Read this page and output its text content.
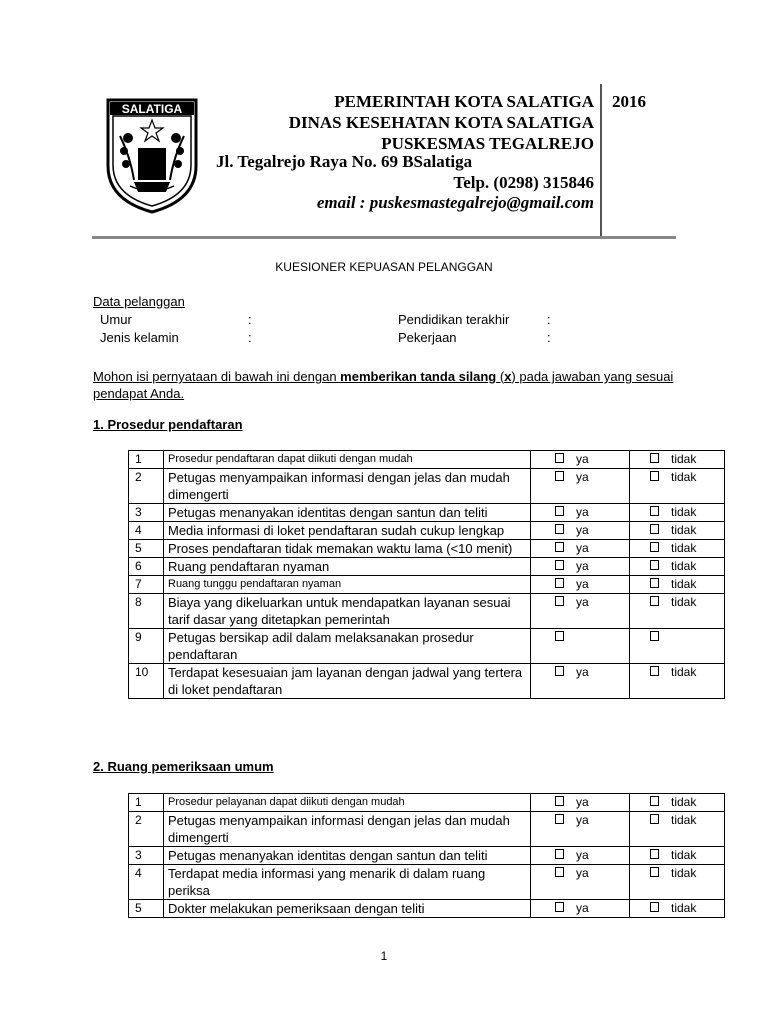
SALATIGA	PEMERINTAH KOTA SALATIGA
DINAS KESEHATAN KOTA SALATIGA
PUSKESMAS TEGALREJO
Jl. Tegalrejo Raya No. 69 BSalatiga
Telp. (0298) 315846
email : puskesmastegalrejo@gmail.com
2016
KUESIONER KEPUASAN PELANGGAN
Data pelanggan
Umur	:
Jenis kelamin	:
Pendidikan terakhir	:
Pekerjaan	:
Mohon isi pernyataan di bawah ini dengan memberikan tanda silang (x) pada jawaban yang sesuai pendapat Anda.
1. Prosedur pendaftaran
1	Prosedur pendaftaran dapat diikuti dengan mudah	ya	tidak
2	Petugas menyampaikan informasi dengan jelas dan mudah dimengerti	ya	tidak
3	Petugas menanyakan identitas dengan santun dan teliti	ya	tidak
4	Media informasi di loket pendaftaran sudah cukup lengkap	ya	tidak
5	Proses pendaftaran tidak memakan waktu lama (<10 menit)	ya	tidak
6	Ruang pendaftaran nyaman	ya	tidak
7	Ruang tunggu pendaftaran nyaman	ya	tidak
8	Biaya yang dikeluarkan untuk mendapatkan layanan sesuai tarif dasar yang ditetapkan pemerintah	ya	tidak
9	Petugas bersikap adil dalam melaksanakan prosedur pendaftaran		
10	Terdapat kesesuaian jam layanan dengan jadwal yang tertera di loket pendaftaran	ya	tidak
2. Ruang pemeriksaan umum
1	Prosedur pelayanan dapat diikuti dengan mudah	ya	tidak
2	Petugas menyampaikan informasi dengan jelas dan mudah dimengerti	ya	tidak
3	Petugas menanyakan identitas dengan santun dan teliti	ya	tidak
4	Terdapat media informasi yang menarik di dalam ruang periksa	ya	tidak
5	Dokter melakukan pemeriksaan dengan teliti	ya	tidak
1
